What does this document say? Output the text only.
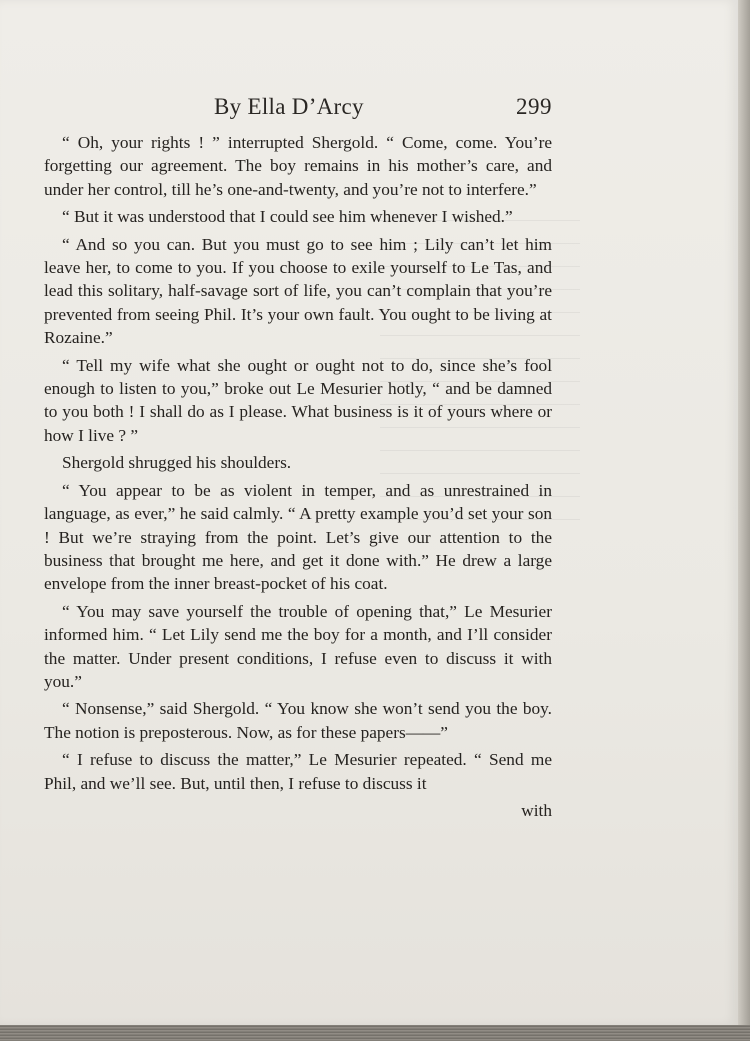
By Ella D’Arcy	299

“ Oh, your rights ! ” interrupted Shergold. “ Come, come. You’re forgetting our agreement. The boy remains in his mother’s care, and under her control, till he’s one-and-twenty, and you’re not to interfere.”

“ But it was understood that I could see him whenever I wished.”

“ And so you can. But you must go to see him ; Lily can’t let him leave her, to come to you. If you choose to exile yourself to Le Tas, and lead this solitary, half-savage sort of life, you can’t complain that you’re prevented from seeing Phil. It’s your own fault. You ought to be living at Rozaine.”

“ Tell my wife what she ought or ought not to do, since she’s fool enough to listen to you,” broke out Le Mesurier hotly, “ and be damned to you both ! I shall do as I please. What business is it of yours where or how I live ? ”

Shergold shrugged his shoulders.

“ You appear to be as violent in temper, and as unrestrained in language, as ever,” he said calmly. “ A pretty example you’d set your son ! But we’re straying from the point. Let’s give our attention to the business that brought me here, and get it done with.” He drew a large envelope from the inner breast-pocket of his coat.

“ You may save yourself the trouble of opening that,” Le Mesurier informed him. “ Let Lily send me the boy for a month, and I’ll consider the matter. Under present conditions, I refuse even to discuss it with you.”

“ Nonsense,” said Shergold. “ You know she won’t send you the boy. The notion is preposterous. Now, as for these papers——”

“ I refuse to discuss the matter,” Le Mesurier repeated. “ Send me Phil, and we’ll see. But, until then, I refuse to discuss it

with
